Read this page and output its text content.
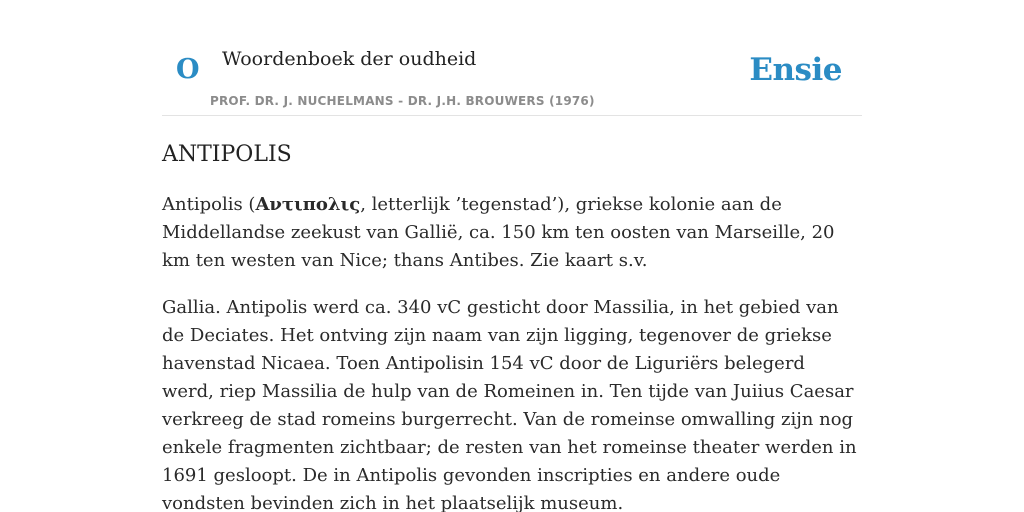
O Woordenboek der oudheid
PROF. DR. J. NUCHELMANS - DR. J.H. BROUWERS (1976)
Ensie
ANTIPOLIS

Antipolis (Αντιπολις, letterlijk ’tegenstad’), griekse kolonie aan de Middellandse zeekust van Gallië, ca. 150 km ten oosten van Marseille, 20 km ten westen van Nice; thans Antibes. Zie kaart s.v.

Gallia. Antipolis werd ca. 340 vC gesticht door Massilia, in het gebied van de Deciates. Het ontving zijn naam van zijn ligging, tegenover de griekse havenstad Nicaea. Toen Antipolisin 154 vC door de Liguriërs belegerd werd, riep Massilia de hulp van de Romeinen in. Ten tijde van Juiius Caesar verkreeg de stad romeins burgerrecht. Van de romeinse omwalling zijn nog enkele fragmenten zichtbaar; de resten van het romeinse theater werden in 1691 gesloopt. De in Antipolis gevonden inscripties en andere oude vondsten bevinden zich in het plaatselijk museum.
